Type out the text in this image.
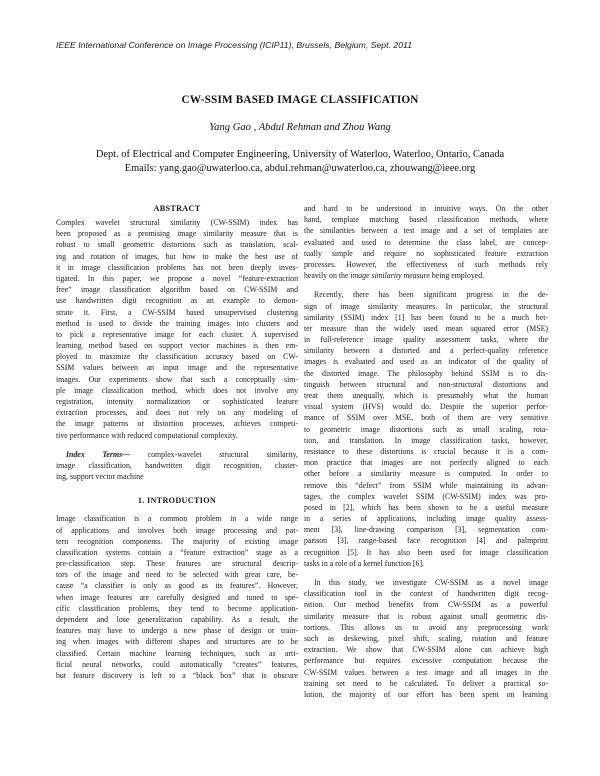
IEEE International Conference on Image Processing (ICIP11), Brussels, Belgium, Sept. 2011
CW-SSIM BASED IMAGE CLASSIFICATION
Yang Gao , Abdul Rehman and Zhou Wang
Dept. of Electrical and Computer Engineering, University of Waterloo, Waterloo, Ontario, Canada
Emails: yang.gao@uwaterloo.ca, abdul.rehman@uwaterloo.ca, zhouwang@ieee.org
ABSTRACT
Complex wavelet structural similarity (CW-SSIM) index has
been proposed as a promising image similarity measure that is
robust to small geometric distortions such as translation, scal-
ing and rotation of images, but how to make the best use of
it in image classification problems has not been deeply inves-
tigated. In this paper, we propose a novel “feature-extraction
free” image classification algorithm based on CW-SSIM and
use handwritten digit recognition as an example to demon-
strate it. First, a CW-SSIM based unsupervised clustering
method is used to divide the training images into clusters and
to pick a representative image for each cluster. A supervised
learning method based on support vector machines is then em-
ployed to maximize the classification accuracy based on CW-
SSIM values between an input image and the representative
images. Our experiments show that such a conceptually sim-
ple image classification method, which does not involve any
registration, intensity normalization or sophisticated feature
extraction processes, and does not rely on any modeling of
the image patterns or distortion processes, achieves competi-
tive performance with reduced computational complexity.
Index Terms— complex-wavelet structural similarity,
image classification, handwritten digit recognition, cluster-
ing, support vector machine
1. INTRODUCTION
Image classification is a common problem in a wide range
of applications and involves both image processing and pat-
tern recognition components. The majority of existing image
classification systems contain a “feature extraction” stage as a
pre-classification step. These features are structural descrip-
tors of the image and need to be selected with great care, be-
cause “a classifier is only as good as its features”. However,
when image features are carefully designed and tuned to spe-
cific classification problems, they tend to become application-
dependent and lose generalization capability. As a result, the
features may have to undergo a new phase of design or train-
ing when images with different shapes and structures are to be
classified. Certain machine learning techniques, such as arti-
ficial neural networks, could automatically “creates” features,
but feature discovery is left to a “black box” that is obscure
and hard to be understood in intuitive ways. On the other
hand, template matching based classification methods, where
the similarities between a test image and a set of templates are
evaluated and used to determine the class label, are concep-
tually simple and require no sophisticated feature extraction
processes. However, the effectiveness of such methods rely
heavily on the image similarity measure being employed.
Recently, there has been significant progress in the de-
sign of image similarity measures. In particular, the structural
similarity (SSIM) index [1] has been found to be a much bet-
ter measure than the widely used mean squared error (MSE)
in full-reference image quality assessment tasks, where the
similarity between a distorted and a perfect-quality reference
images is evaluated and used as an indicator of the quality of
the distorted image. The philosophy behind SSIM is to dis-
tinguish between structural and non-structural distortions and
treat them unequally, which is presumably what the human
visual system (HVS) would do. Despite the superior perfor-
mance of SSIM over MSE, both of them are very sensitive
to geometric image distortions such as small scaling, rota-
tion, and translation. In image classification tasks, however,
resistance to these distortions is crucial because it is a com-
mon practice that images are not perfectly aligned to each
other before a similarity measure is computed. In order to
remove this “defect” from SSIM while maintaining its advan-
tages, the complex wavelet SSIM (CW-SSIM) index was pro-
posed in [2], which has been shown to be a useful measure
in a series of applications, including image quality assess-
ment [3], line-drawing comparison [3], segmentation com-
parison [3], range-based face recognition [4] and palmprint
recognition [5]. It has also been used for image classification
tasks in a role of a kernel function [6].
In this study, we investigate CW-SSIM as a novel image
classification tool in the context of handwritten digit recog-
nition. Our method benefits from CW-SSIM as a powerful
similarity measure that is robust against small geometric dis-
tortions. This allows us to avoid any preprocessing work
such as deskewing, pixel shift, scaling, rotation and feature
extraction. We show that CW-SSIM alone can achieve high
performance but requires excessive computation because the
CW-SSIM values between a test image and all images in the
training set need to be calculated. To deliver a practical so-
lution, the majority of our effort has been spent on learning
